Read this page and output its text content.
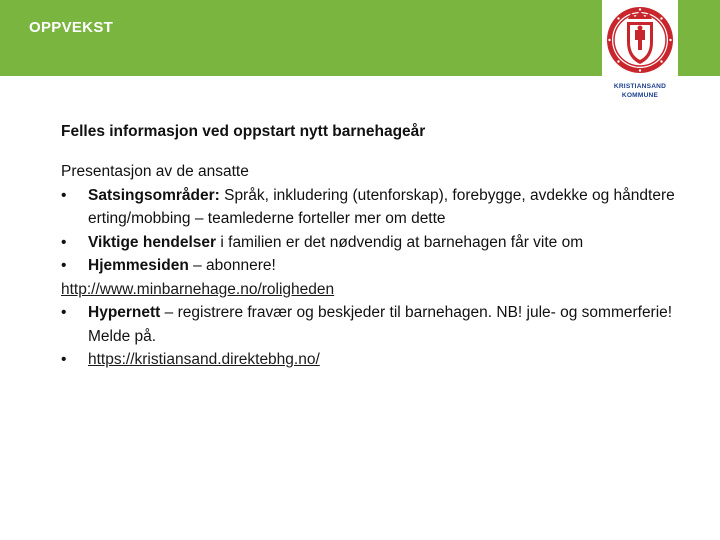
OPPVEKST
KRISTIANSAND
KOMMUNE

Felles informasjon ved oppstart nytt barnehageår

Presentasjon av de ansatte

• Satsingsområder: Språk, inkludering (utenforskap), forebygge, avdekke og håndtere erting/mobbing – teamlederne forteller mer om dette

• Viktige hendelser i familien er det nødvendig at barnehagen får vite om

• Hjemmesiden – abonnere!

http://www.minbarnehage.no/roligheden

• Hypernett – registrere fravær og beskjeder til barnehagen. NB! jule- og sommerferie! Melde på.

• https://kristiansand.direktebhg.no/
